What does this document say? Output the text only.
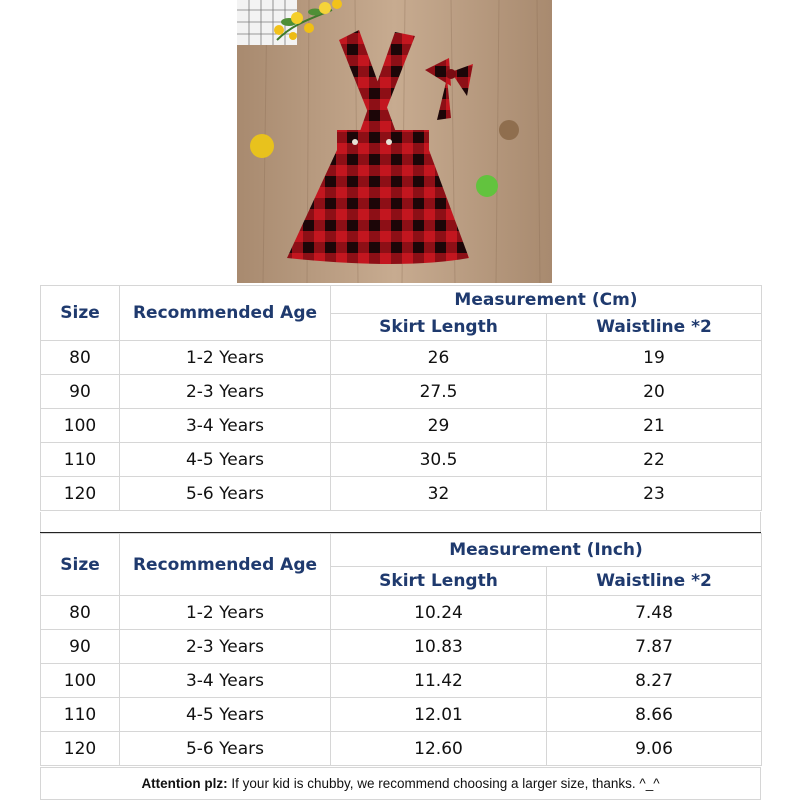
Size	Recommended Age	Measurement (Cm)	
		Skirt Length	Waistline *2
80	1-2 Years	26	19
90	2-3 Years	27.5	20
100	3-4 Years	29	21
110	4-5 Years	30.5	22
120	5-6 Years	32	23
Size	Recommended Age	Measurement (Inch)	
		Skirt Length	Waistline *2
80	1-2 Years	10.24	7.48
90	2-3 Years	10.83	7.87
100	3-4 Years	11.42	8.27
110	4-5 Years	12.01	8.66
120	5-6 Years	12.60	9.06
Attention plz: If your kid is chubby, we recommend choosing a larger size, thanks. ^_^
